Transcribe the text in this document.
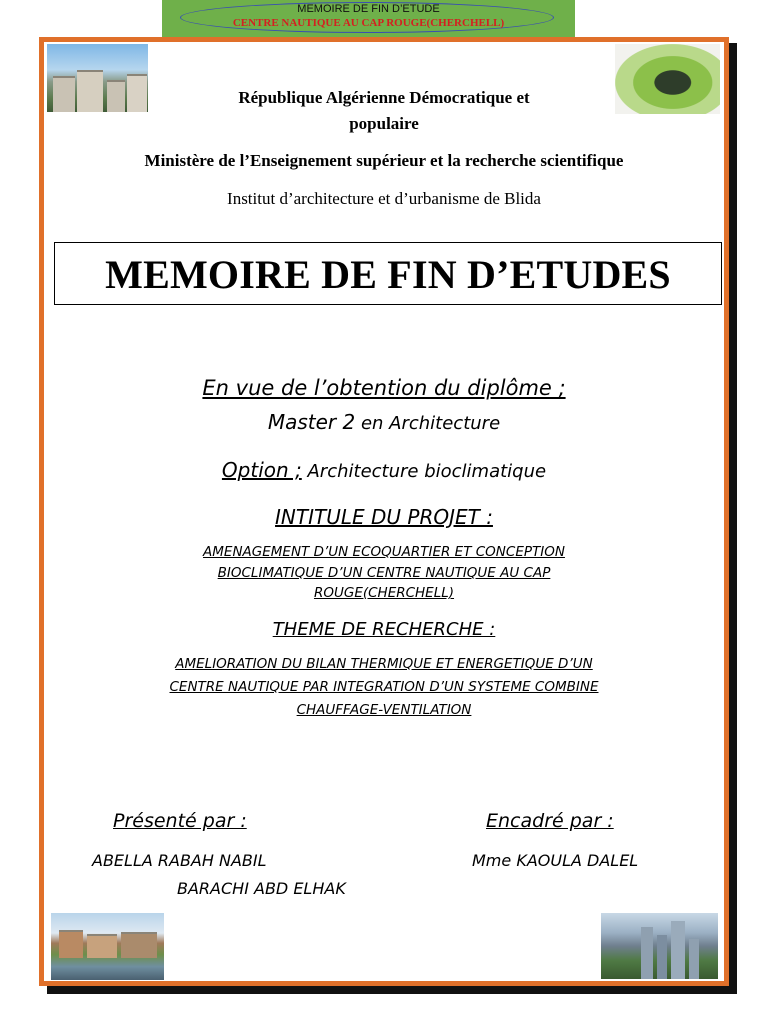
MEMOIRE DE FIN D’ETUDE
CENTRE NAUTIQUE AU CAP ROUGE(CHERCHELL)
République Algérienne Démocratique et
populaire
Ministère de l’Enseignement supérieur et la recherche scientifique
Institut d’architecture et d’urbanisme de Blida
MEMOIRE DE FIN D’ETUDES
En vue de l’obtention du diplôme ;
Master 2 en Architecture
Option ; Architecture bioclimatique
INTITULE DU PROJET :
AMENAGEMENT D’UN ECOQUARTIER ET CONCEPTION
BIOCLIMATIQUE D’UN CENTRE NAUTIQUE AU CAP
ROUGE(CHERCHELL)
THEME DE RECHERCHE :
AMELIORATION DU BILAN THERMIQUE ET ENERGETIQUE D’UN
CENTRE NAUTIQUE PAR INTEGRATION D’UN SYSTEME COMBINE
CHAUFFAGE-VENTILATION
Présenté par :	Encadré par :
ABELLA RABAH NABIL
BARACHI ABD ELHAK
Mme KAOULA DALEL
